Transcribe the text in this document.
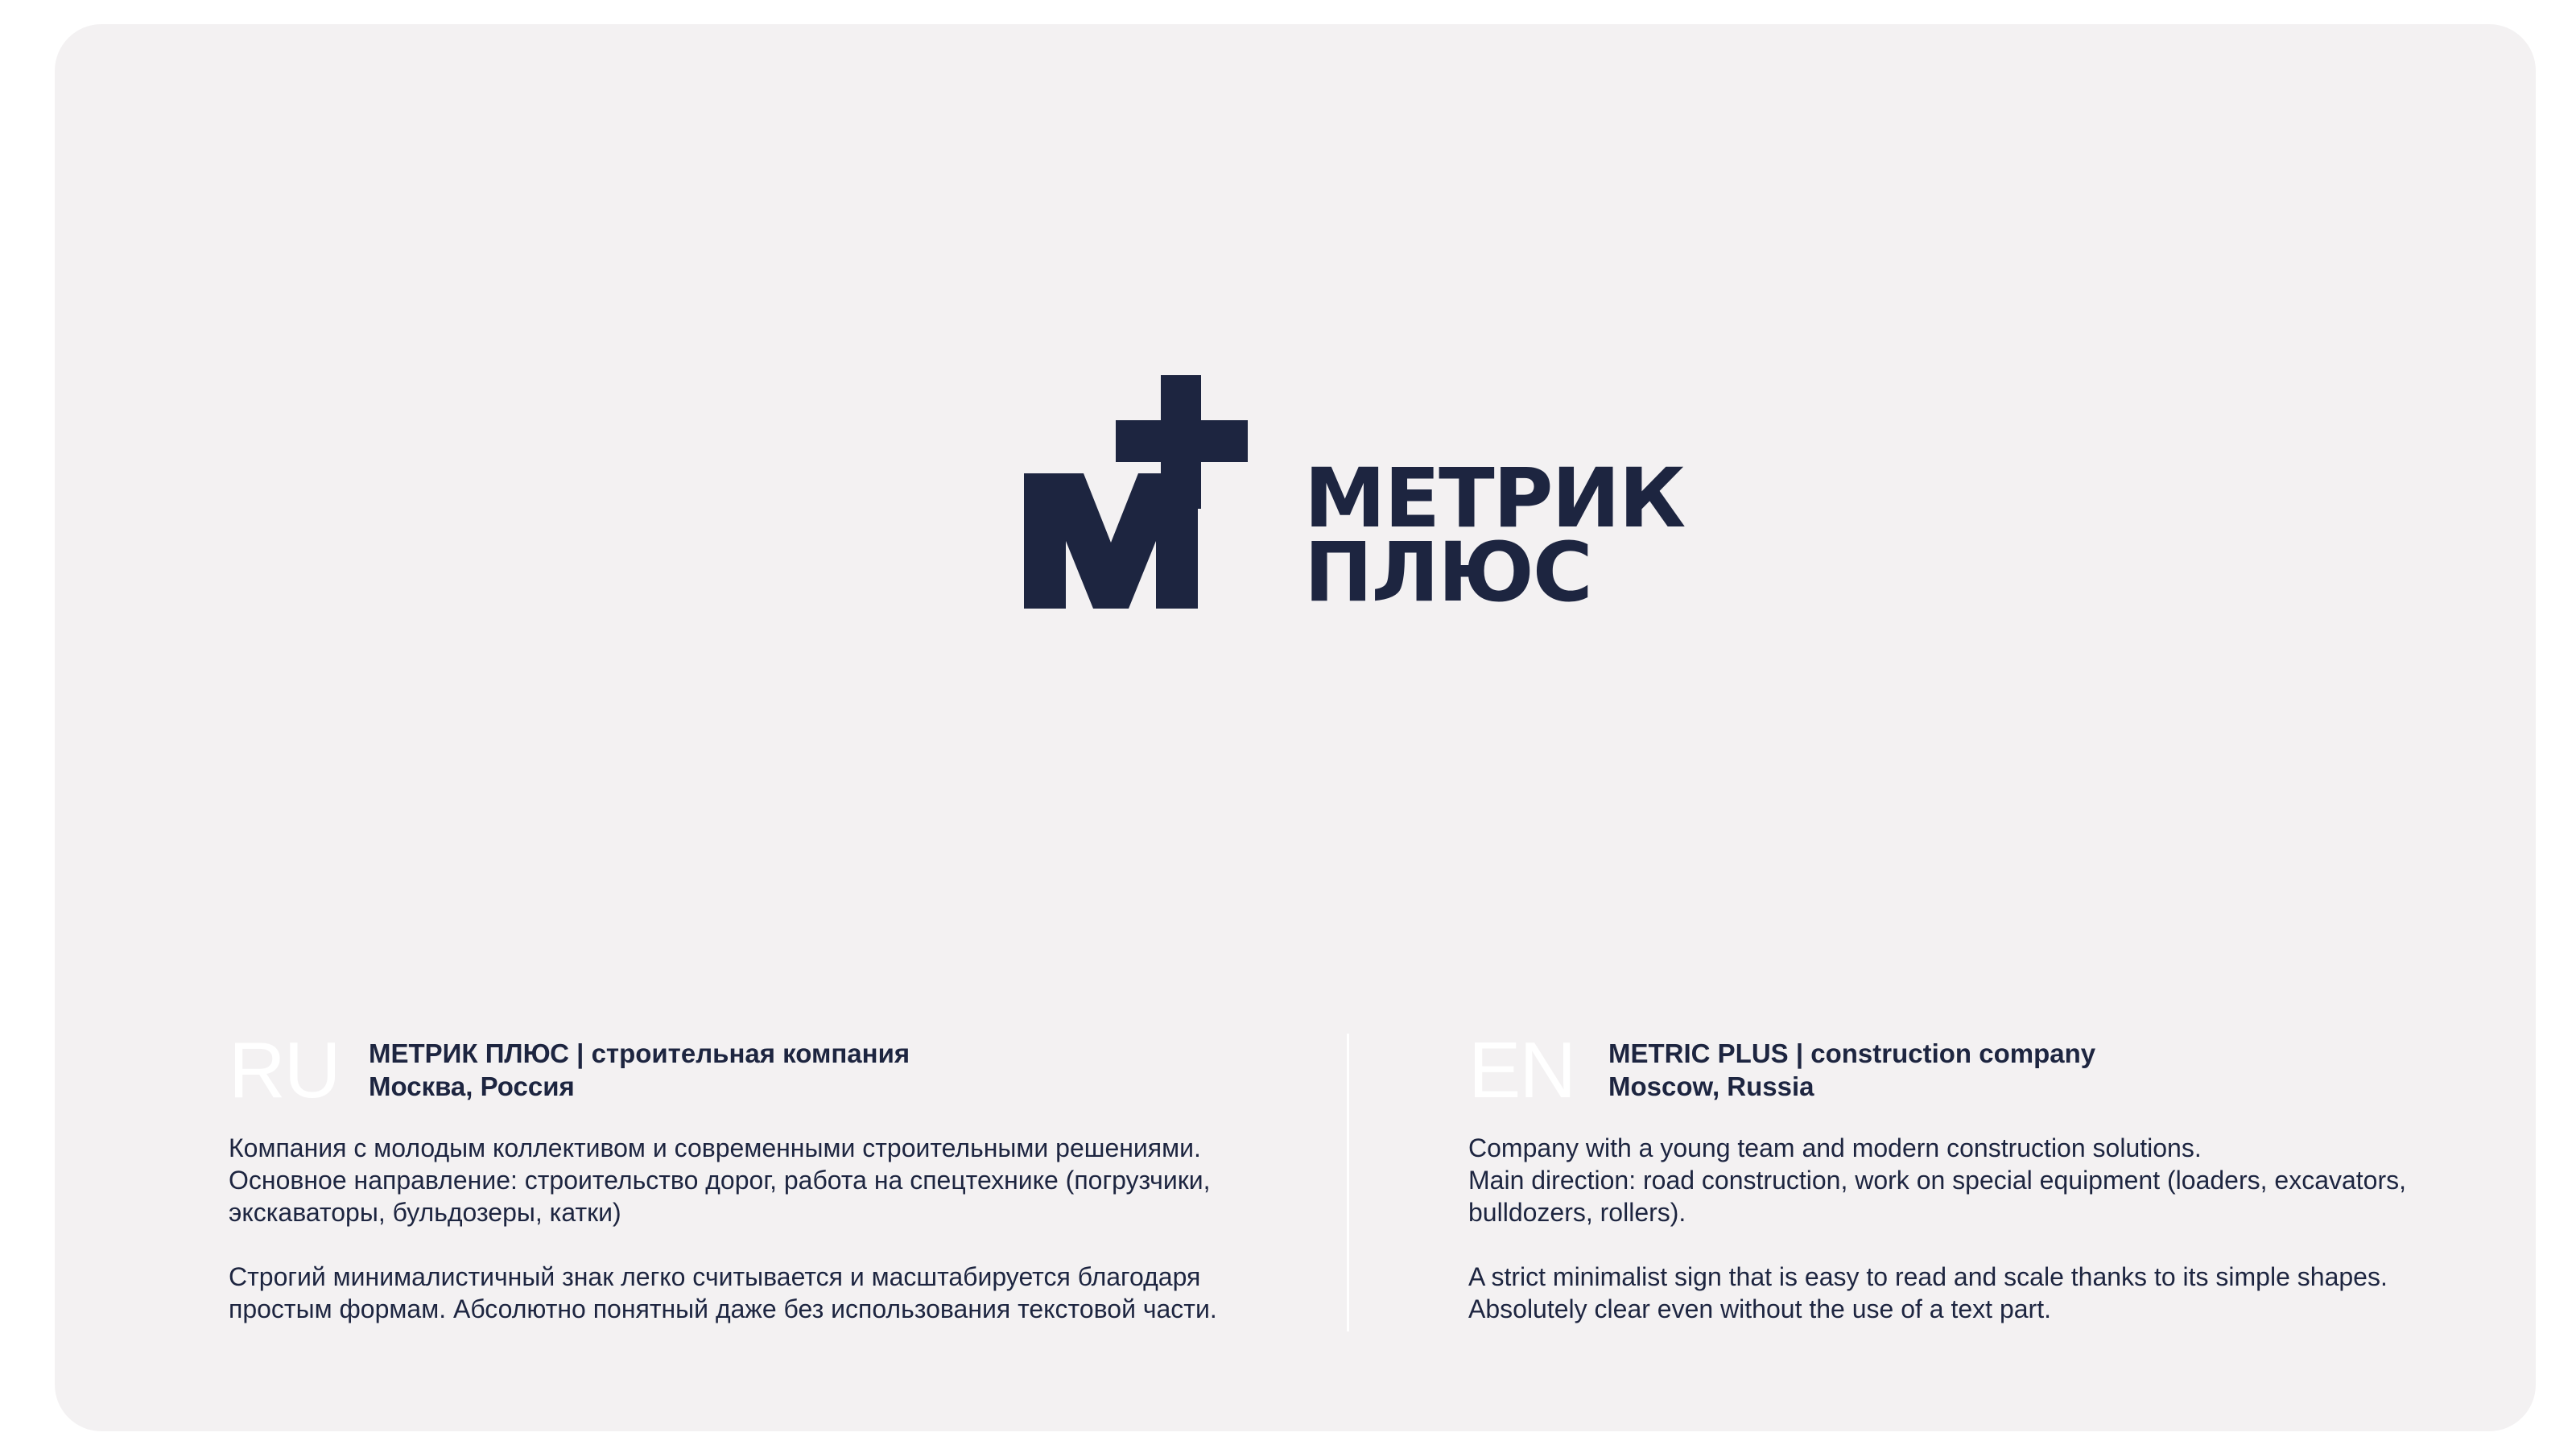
МЕТРИК
ПЛЮС
RU МЕТРИК ПЛЮС | строительная компания
Москва, Россия

Компания с молодым коллективом и современными строительными решениями.
Основное направление: строительство дорог, работа на спецтехнике (погрузчики,
экскаваторы, бульдозеры, катки)

Строгий минималистичный знак легко считывается и масштабируется благодаря
простым формам. Абсолютно понятный даже без использования текстовой части.

EN METRIC PLUS | construction company
Moscow, Russia

Company with a young team and modern construction solutions.
Main direction: road construction, work on special equipment (loaders, excavators,
bulldozers, rollers).

A strict minimalist sign that is easy to read and scale thanks to its simple shapes.
Absolutely clear even without the use of a text part.
